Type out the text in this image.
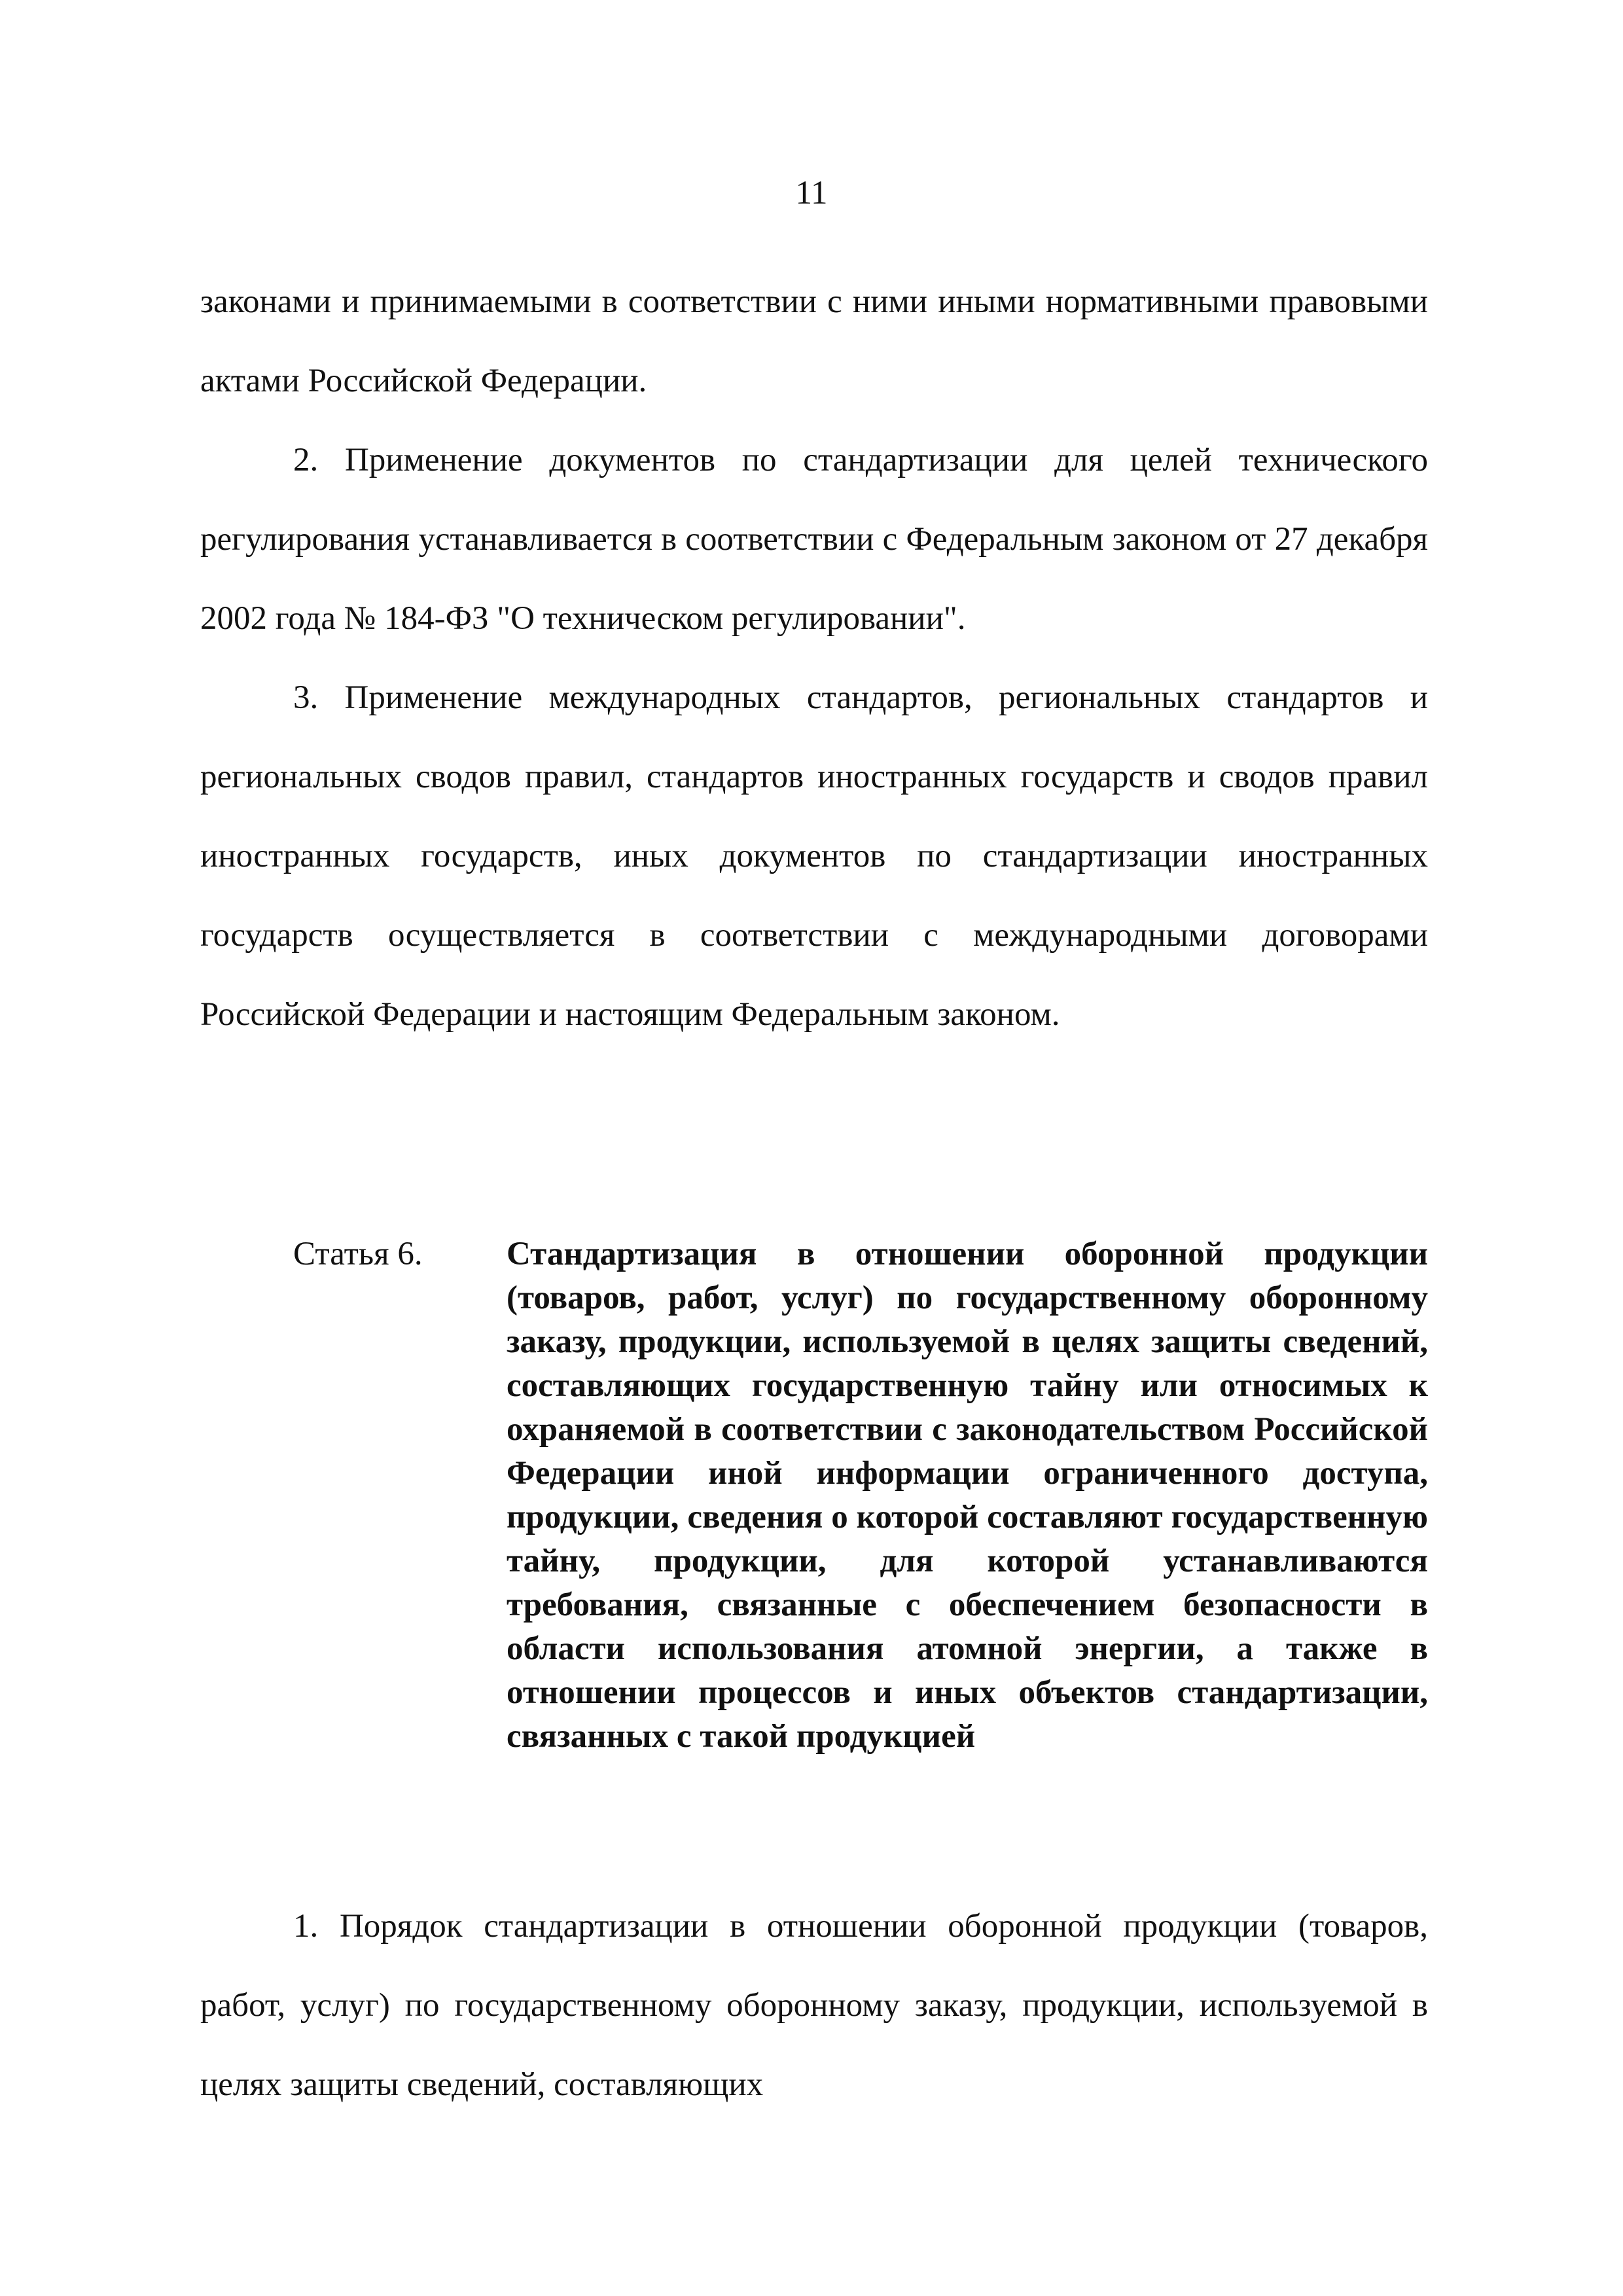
11

законами и принимаемыми в соответствии с ними иными нормативными правовыми актами Российской Федерации.

2. Применение документов по стандартизации для целей технического регулирования устанавливается в соответствии с Федеральным законом от 27 декабря 2002 года № 184-ФЗ "О техническом регулировании".

3. Применение международных стандартов, региональных стандартов и региональных сводов правил, стандартов иностранных государств и сводов правил иностранных государств, иных документов по стандартизации иностранных государств осуществляется в соответствии с международными договорами Российской Федерации и настоящим Федеральным законом.

Статья 6.	Стандартизация в отношении оборонной продукции (товаров, работ, услуг) по государственному оборонному заказу, продукции, используемой в целях защиты сведений, составляющих государственную тайну или относимых к охраняемой в соответствии с законодательством Российской Федерации иной информации ограниченного доступа, продукции, сведения о которой составляют государственную тайну, продукции, для которой устанавливаются требования, связанные с обеспечением безопасности в области использования атомной энергии, а также в отношении процессов и иных объектов стандартизации, связанных с такой продукцией

1. Порядок стандартизации в отношении оборонной продукции (товаров, работ, услуг) по государственному оборонному заказу, продукции, используемой в целях защиты сведений, составляющих
